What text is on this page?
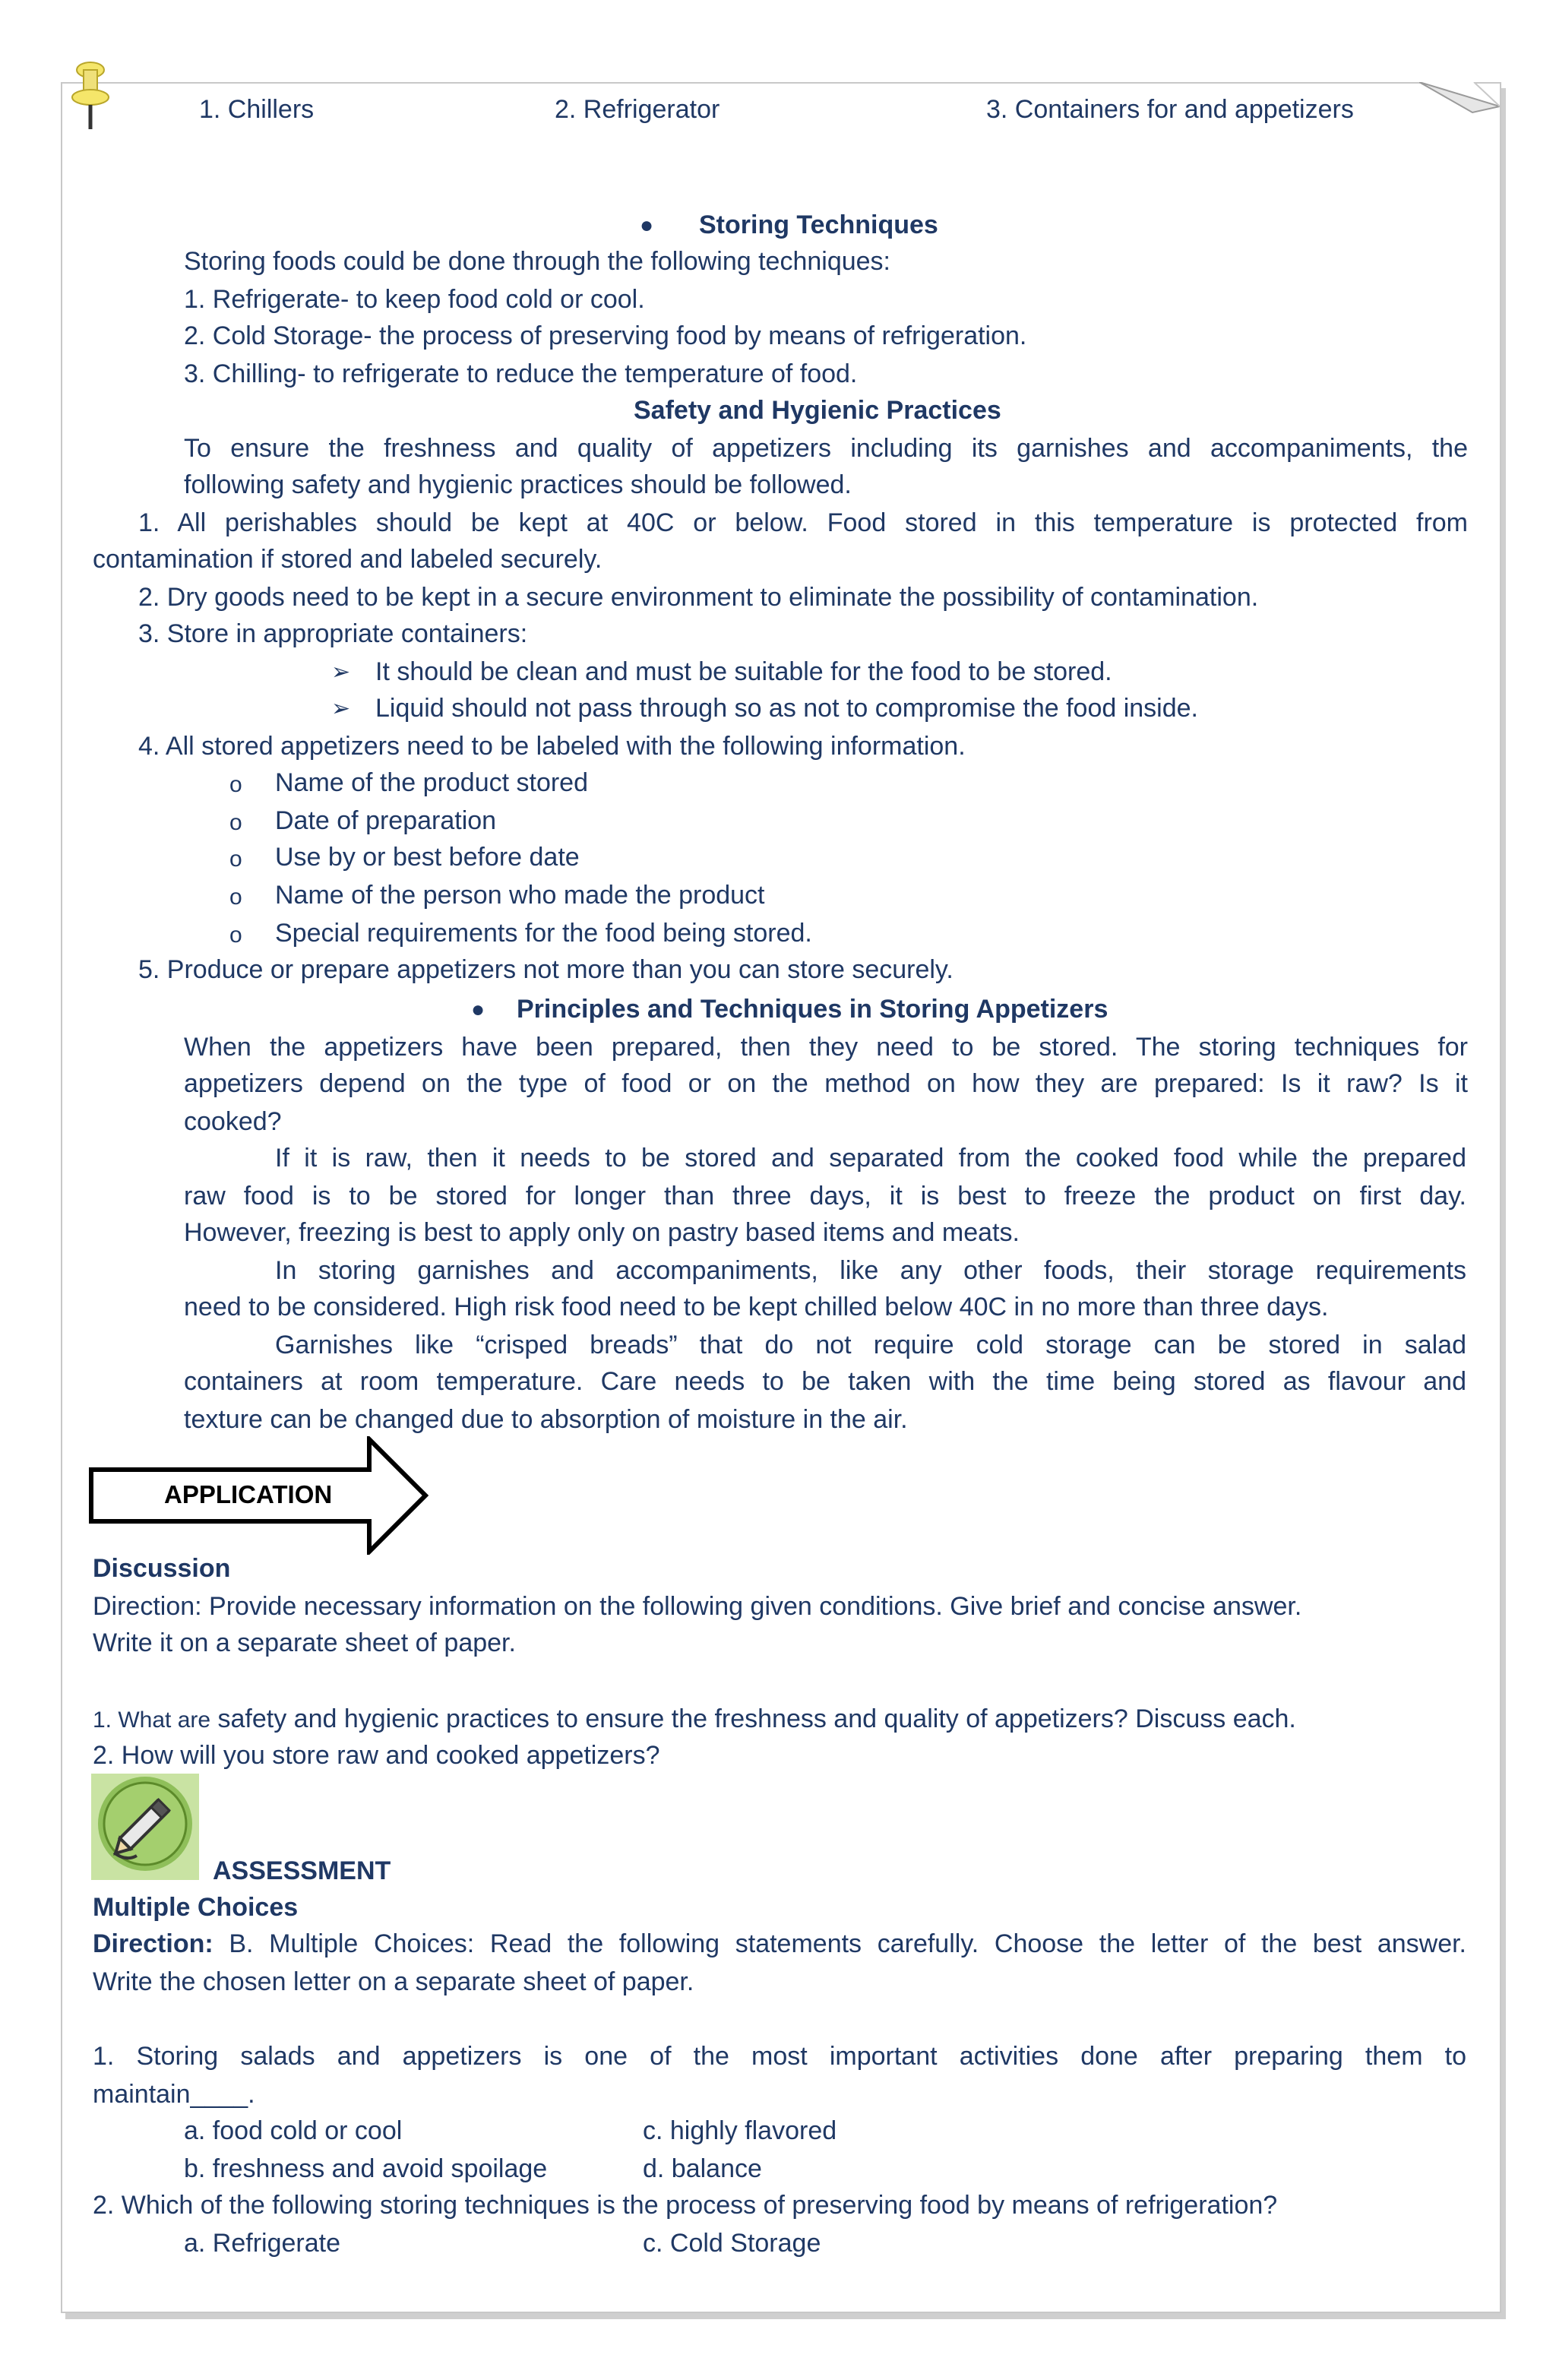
1. Chillers	2. Refrigerator	3. Containers for and appetizers
● Storing Techniques
Storing foods could be done through the following techniques:
1. Refrigerate- to keep food cold or cool.
2. Cold Storage- the process of preserving food by means of refrigeration.
3. Chilling- to refrigerate to reduce the temperature of food.
Safety and Hygienic Practices
To ensure the freshness and quality of appetizers including its garnishes and accompaniments, the
following safety and hygienic practices should be followed.
1. All perishables should be kept at 40C or below. Food stored in this temperature is protected from
contamination if stored and labeled securely.
2. Dry goods need to be kept in a secure environment to eliminate the possibility of contamination.
3. Store in appropriate containers:
➢ It should be clean and must be suitable for the food to be stored.
➢ Liquid should not pass through so as not to compromise the food inside.
4. All stored appetizers need to be labeled with the following information.
o Name of the product stored
o Date of preparation
o Use by or best before date
o Name of the person who made the product
o Special requirements for the food being stored.
5. Produce or prepare appetizers not more than you can store securely.
● Principles and Techniques in Storing Appetizers
When the appetizers have been prepared, then they need to be stored. The storing techniques for
appetizers depend on the type of food or on the method on how they are prepared: Is it raw? Is it
cooked?
If it is raw, then it needs to be stored and separated from the cooked food while the prepared
raw food is to be stored for longer than three days, it is best to freeze the product on first day.
However, freezing is best to apply only on pastry based items and meats.
In storing garnishes and accompaniments, like any other foods, their storage requirements
need to be considered. High risk food need to be kept chilled below 40C in no more than three days.
Garnishes like “crisped breads” that do not require cold storage can be stored in salad
containers at room temperature. Care needs to be taken with the time being stored as flavour and
texture can be changed due to absorption of moisture in the air.
APPLICATION
Discussion
Direction: Provide necessary information on the following given conditions. Give brief and concise answer.
Write it on a separate sheet of paper.
1. What are safety and hygienic practices to ensure the freshness and quality of appetizers? Discuss each.
2. How will you store raw and cooked appetizers?
ASSESSMENT
Multiple Choices
Direction: B. Multiple Choices: Read the following statements carefully. Choose the letter of the best answer.
Write the chosen letter on a separate sheet of paper.
1. Storing salads and appetizers is one of the most important activities done after preparing them to
maintain____.
a. food cold or cool	c. highly flavored
b. freshness and avoid spoilage	d. balance
2. Which of the following storing techniques is the process of preserving food by means of refrigeration?
a. Refrigerate	c. Cold Storage
